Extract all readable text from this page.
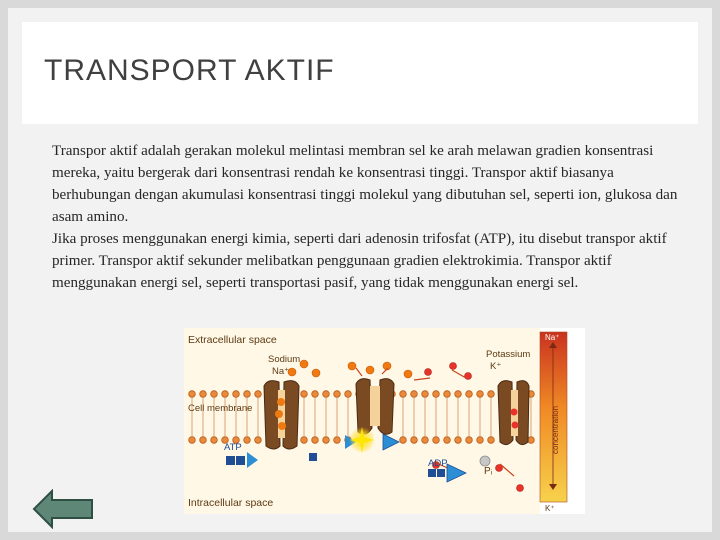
TRANSPORT AKTIF

Transpor aktif adalah gerakan molekul melintasi membran sel ke arah melawan gradien konsentrasi mereka, yaitu bergerak dari konsentrasi rendah ke konsentrasi tinggi. Transpor aktif biasanya berhubungan dengan akumulasi konsentrasi tinggi molekul yang dibutuhan sel, seperti ion, glukosa dan asam amino.

Jika proses menggunakan energi kimia, seperti dari adenosin trifosfat (ATP), itu disebut transpor aktif primer. Transpor aktif sekunder melibatkan penggunaan gradien elektrokimia. Transpor aktif menggunakan energi sel, seperti transportasi pasif, yang tidak menggunakan energi sel.

Extracellular space
Intracellular space
Cell membrane
Sodium
Na⁺
Potassium
K⁺
ATP
ADP
Pᵢ
Na⁺
K⁺
concentration
